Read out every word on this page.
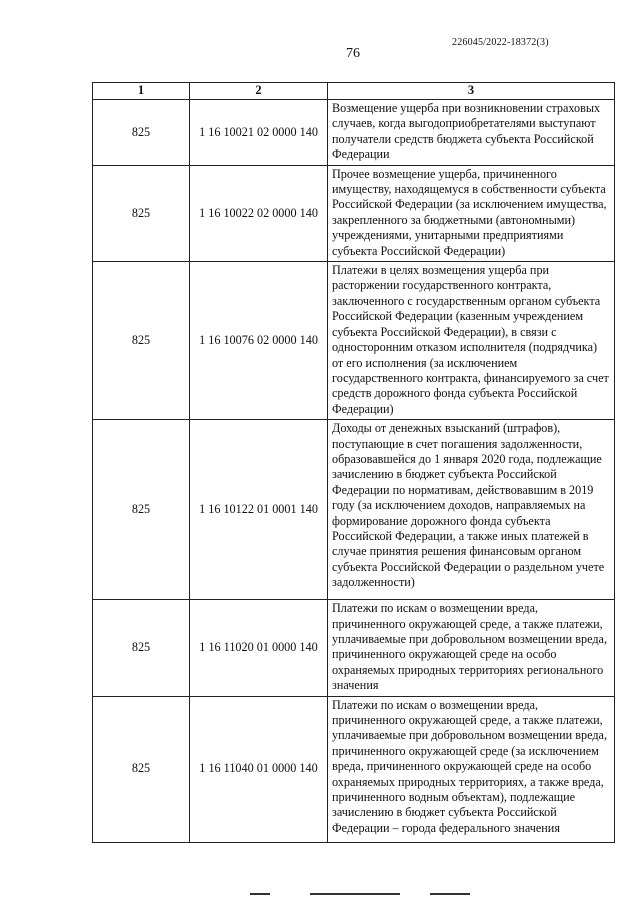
226045/2022-18372(3)
76
1	2	3
825	1 16 10021 02 0000 140	Возмещение ущерба при возникновении страховых случаев, когда выгодоприобретателями выступают получатели средств бюджета субъекта Российской Федерации
825	1 16 10022 02 0000 140	Прочее возмещение ущерба, причиненного имуществу, находящемуся в собственности субъекта Российской Федерации (за исключением имущества, закрепленного за бюджетными (автономными) учреждениями, унитарными предприятиями субъекта Российской Федерации)
825	1 16 10076 02 0000 140	Платежи в целях возмещения ущерба при расторжении государственного контракта, заключенного с государственным органом субъекта Российской Федерации (казенным учреждением субъекта Российской Федерации), в связи с односторонним отказом исполнителя (подрядчика) от его исполнения (за исключением государственного контракта, финансируемого за счет средств дорожного фонда субъекта Российской Федерации)
825	1 16 10122 01 0001 140	Доходы от денежных взысканий (штрафов), поступающие в счет погашения задолженности, образовавшейся до 1 января 2020 года, подлежащие зачислению в бюджет субъекта Российской Федерации по нормативам, действовавшим в 2019 году (за исключением доходов, направляемых на формирование дорожного фонда субъекта Российской Федерации, а также иных платежей в случае принятия решения финансовым органом субъекта Российской Федерации о раздельном учете задолженности)
825	1 16 11020 01 0000 140	Платежи по искам о возмещении вреда, причиненного окружающей среде, а также платежи, уплачиваемые при добровольном возмещении вреда, причиненного окружающей среде на особо охраняемых природных территориях регионального значения
825	1 16 11040 01 0000 140	Платежи по искам о возмещении вреда, причиненного окружающей среде, а также платежи, уплачиваемые при добровольном возмещении вреда, причиненного окружающей среде (за исключением вреда, причиненного окружающей среде на особо охраняемых природных территориях, а также вреда, причиненного водным объектам), подлежащие зачислению в бюджет субъекта Российской Федерации – города федерального значения
